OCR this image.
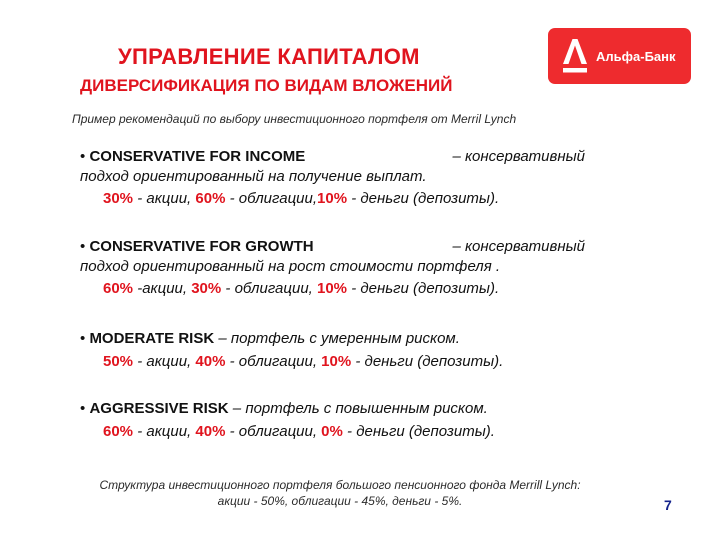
УПРАВЛЕНИЕ КАПИТАЛОМ
ДИВЕРСИФИКАЦИЯ ПО ВИДАМ ВЛОЖЕНИЙ
Альфа-Банк

Пример рекомендаций по выбору инвестиционного портфеля от Merril Lynch

• CONSERVATIVE FOR INCOME	– консервативный
подход ориентированный на получение выплат.
30% - акции, 60% - облигации,10% - деньги (депозиты).
• CONSERVATIVE FOR GROWTH	– консервативный
подход ориентированный на рост стоимости портфеля .
60% -акции, 30% - облигации, 10% - деньги (депозиты).
• MODERATE RISK – портфель с умеренным риском.
50% - акции, 40% - облигации, 10% - деньги (депозиты).
• AGGRESSIVE RISK – портфель с повышенным риском.
60% - акции, 40% - облигации, 0% - деньги (депозиты).
Структура инвестиционного портфеля большого пенсионного фонда Merrill Lynch:
акции - 50%, облигации - 45%, деньги - 5%.	7
